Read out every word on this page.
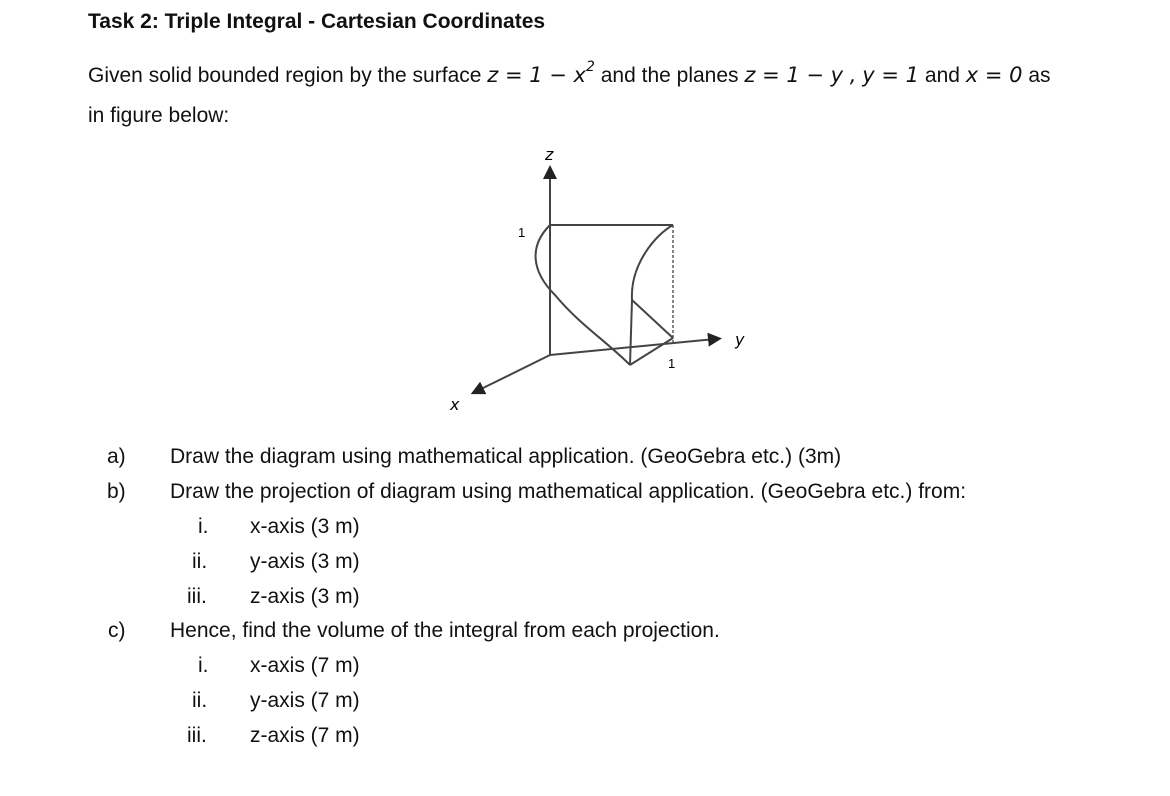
Task 2: Triple Integral - Cartesian Coordinates
Given solid bounded region by the surface $z = 1 - x^2$ and the planes z = 1 − y , y = 1 and x = 0 as
in figure below:
z
y
x
1
1
a) Draw the diagram using mathematical application. (GeoGebra etc.) (3m)
b) Draw the projection of diagram using mathematical application. (GeoGebra etc.) from:
i. x-axis (3 m)
ii. y-axis (3 m)
iii. z-axis (3 m)
c) Hence, find the volume of the integral from each projection.
i. x-axis (7 m)
ii. y-axis (7 m)
iii. z-axis (7 m)
